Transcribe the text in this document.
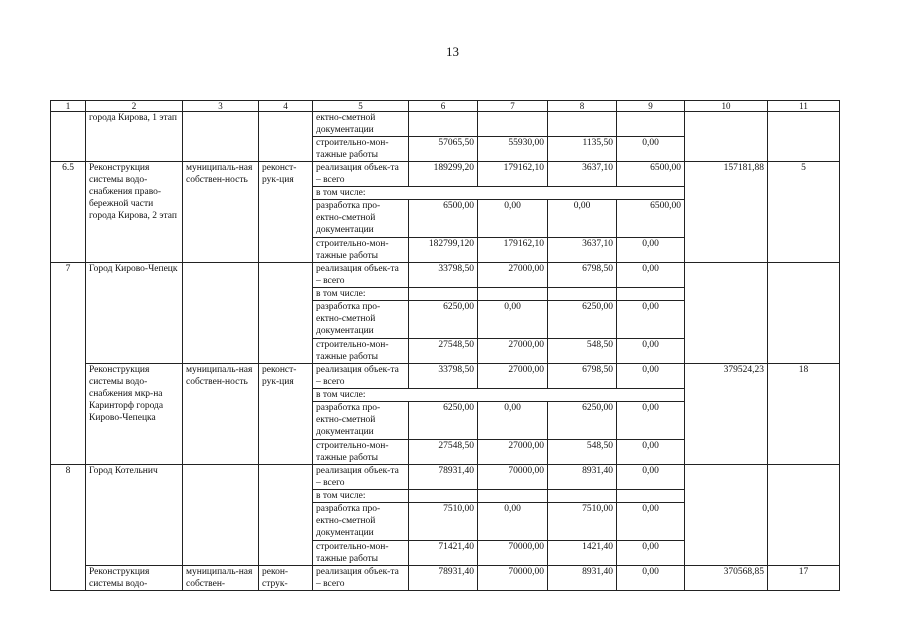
13
1	2	3	4	5	6	7	8	9	10	11
	города Кирова, 1 этап			ектно-сметной документации						
				строительно-мон-тажные работы	57065,50	55930,00	1135,50	0,00		
6.5	Реконструкция системы водо-снабжения право-бережной части города Кирова, 2 этап	муниципаль-ная собствен-ность	реконст-рук-ция	реализация объек-та – всего	189299,20	179162,10	3637,10	6500,00	157181,88	5
				в том числе:						
				разработка про-ектно-сметной документации	6500,00	0,00	0,00	6500,00		
				строительно-мон-тажные работы	182799,120	179162,10	3637,10	0,00		
7	Город Кирово-Чепецк			реализация объек-та – всего	33798,50	27000,00	6798,50	0,00		
				в том числе:						
				разработка про-ектно-сметной документации	6250,00	0,00	6250,00	0,00		
				строительно-мон-тажные работы	27548,50	27000,00	548,50	0,00		
	Реконструкция системы водо-снабжения мкр-на Каринторф города Кирово-Чепецка	муниципаль-ная собствен-ность	реконст-рук-ция	реализация объек-та – всего	33798,50	27000,00	6798,50	0,00	379524,23	18
				в том числе:						
				разработка про-ектно-сметной документации	6250,00	0,00	6250,00	0,00		
				строительно-мон-тажные работы	27548,50	27000,00	548,50	0,00		
8	Город Котельнич			реализация объек-та – всего	78931,40	70000,00	8931,40	0,00		
				в том числе:						
				разработка про-ектно-сметной документации	7510,00	0,00	7510,00	0,00		
				строительно-мон-тажные работы	71421,40	70000,00	1421,40	0,00		
	Реконструкция системы водо-	муниципаль-ная собствен-	рекон-струк-	реализация объек-та – всего	78931,40	70000,00	8931,40	0,00	370568,85	17
